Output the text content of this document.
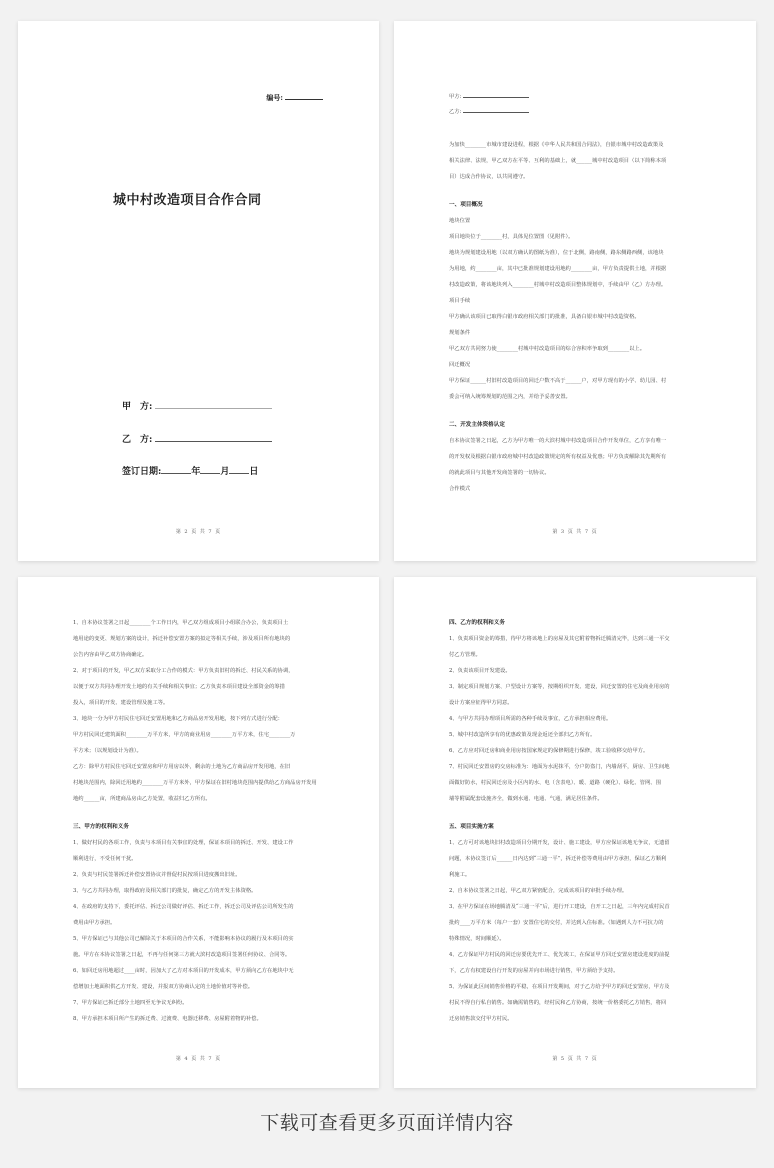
编号:
城中村改造项目合作合同
甲　方:
乙　方:
签订日期:	年 月 日
第 2 页 共 7 页
甲方:
乙方:
为加快________市城市建设进程，根据《中华人民共和国合同法》，自银市城中村改造政策及
相关法律、法规，甲乙双方在平等、互利的基础上，就______城中村改造项目（以下简称本项
目）达成合作协议，以共同遵守。
一、项目概况
地块位置
项目地块位于________村，具体见位置图（见附件）。
地块为规划建设用地（以双方确认的图纸为准），位于北侧，路南侧，路东侧路西侧，该地块
为用地，约________亩，其中已批准规划建设用地约________亩，甲方负责提供土地，并根据
村改造政策，将该地块列入________村城中村改造项目整体规划中，手续由甲（乙）方办理。
项目手续
甲方确认该项目已取得白银市政府相关部门的批准，具备白银市城中村改造资格。
规划条件
甲乙双方共同努力使________村城中村改造项目的综合容积率争取到________以上。
回迁概况
甲方保证______村旧村改造项目的回迁户数不高于______户，对甲方现有的小学、幼儿园、村
委会可纳入统筹规划的范围之内，并给予妥善安置。
二、开发主体资格认定
自本协议签署之日起，乙方为甲方唯一的大滨村城中村改造项目合作开发单位，乙方享有唯一
的开发权及根据白银市政府城中村改造政策规定的所有权益及优惠；甲方负责解除其先期所有
的就此项目与其他开发商签署的一切协议。
合作模式
第 3 页 共 7 页
1、自本协议签署之日起________个工作日内，甲乙双方组成项目小组联合办公，负责项目土
地用途的变更、规划方案的设计，拆迁补偿安置方案的拟定等相关手续，涉及项目所有地块的
公告内容由甲乙双方协商确定。
2、对于项目的开发，甲乙双方采取分工合作的模式：甲方负责旧村的拆迁、村民关系的协调，
以便于双方共同办理开发土地的有关手续和相关事宜；乙方负责本项目建设全部资金的筹措
投入，项目的开发、建设管理及施工等。
3、地块一分为甲方村民住宅回迁安置用地和乙方商品房开发用地，按下列方式进行分配：
甲方村民回迁建筑面积________万平方米，甲方的商业用房________万平方米，住宅________万
平方米；（以规划设计为准）。
乙方：除甲方村民住宅回迁安置房和甲方用房以外，剩余的土地为乙方商品房开发用地，在旧
村地块范围内，除回迁用地约________万平方米外，甲方保证在旧村地块范围内提供给乙方商品房开发用
地约______亩，所建商品房由乙方处置，收益归乙方所有。
三、甲方的权利和义务
1、做好村民的各项工作，负责与本项目有关事宜的处理，保证本项目的拆迁、开发、建设工作
顺利进行，不受任何干扰。
2、负责与村民签署拆迁补偿安置协议并督促村民按项目进度搬出旧址。
3、与乙方共同办理，取得政府及相关部门的批复，确定乙方的开发主体资格。
4、在政府的支持下，委托评估、拆迁公司做好评估、拆迁工作，拆迁公司及评估公司所发生的
费用由甲方承担。
5、甲方保证已与其他公司已解除关于本项目的合作关系，不能影响本协议的履行及本项目的实
施。甲方在本协议签署之日起，不再与任何第三方就大滨村改造项目签署任何协议、合同等。
6、如回迁房用地超过____亩时，因加大了乙方对本项目的开发成本，甲方须向乙方在地块中无
偿增加土地面积供乙方开发、建设，并报双方协商认定的土地价值对等补偿。
7、甲方保证已拆迁部分土地四至无争议无纠纷。
8、甲方承担本项目所产生的拆迁费、过渡费、电器迁移费、房屋附着物的补偿。
第 4 页 共 7 页
四、乙方的权利和义务
1、负责项目资金的筹措，待甲方将该地上的房屋及其它附着物拆迁腾清完毕，达到三通一平交
付乙方管理。
2、负责该项目开发建设。
3、制定项目规划方案、户型设计方案等，按期组织开发、建设，回迁安置的住宅及商业用房的
设计方案应征得甲方同意。
4、与甲方共同办理项目所需的各种手续及事宜，乙方承担相应费用。
5、城中村改造所享有的优惠政策及现金返还全部归乙方所有。
6、乙方应对回迁房和商业用房按国家规定的保修期进行保修，竣工验收移交给甲方。
7、村民回迁安置房的交房标准为：地面为水泥抹平，分户防盗门，内墙刮平，厨房、卫生间地
面做好防水，村民回迁房及小区内的水、电（含表电）、暖、道路（硬化）、绿化、管网、围
墙等附属配套设施齐全，做到水通、电通、气通，满足居住条件。
五、项目实施方案
1、乙方可对该地块旧村改造项目分期开发，设计、施工建设，甲方应保证该地无争议，无遗留
问题，本协议签订后______日内达到“三通一平”，拆迁补偿等费用由甲方承担，保证乙方顺利
利施工。
2、自本协议签署之日起，甲乙双方紧密配合，完成该项目的审批手续办理。
3、在甲方保证在场地腾清及“三通一平”后，进行开工建设，自开工之日起，三年内完成村民首
批约____万平方米（每户一套）安置住宅的交付，并达到入住标准。（如遇到人力不可抗力的
特殊情况，时间顺延）。
4、乙方保证甲方村民的回迁房要优先开工、优先竣工，在保证甲方回迁安置房建设进度的前提
下，乙方有权建设自行开发的房屋并向市场进行销售，甲方须给予支持。
5、为保证此区间销售价格的平稳，在项目开发期间，对于乙方给予甲方的回迁安置房，甲方及
村民不得自行私自销售。如确需销售的，经村民和乙方协商，按统一价格委托乙方销售，将回
迁房销售款交付甲方村民。
第 5 页 共 7 页
下载可查看更多页面详情内容
